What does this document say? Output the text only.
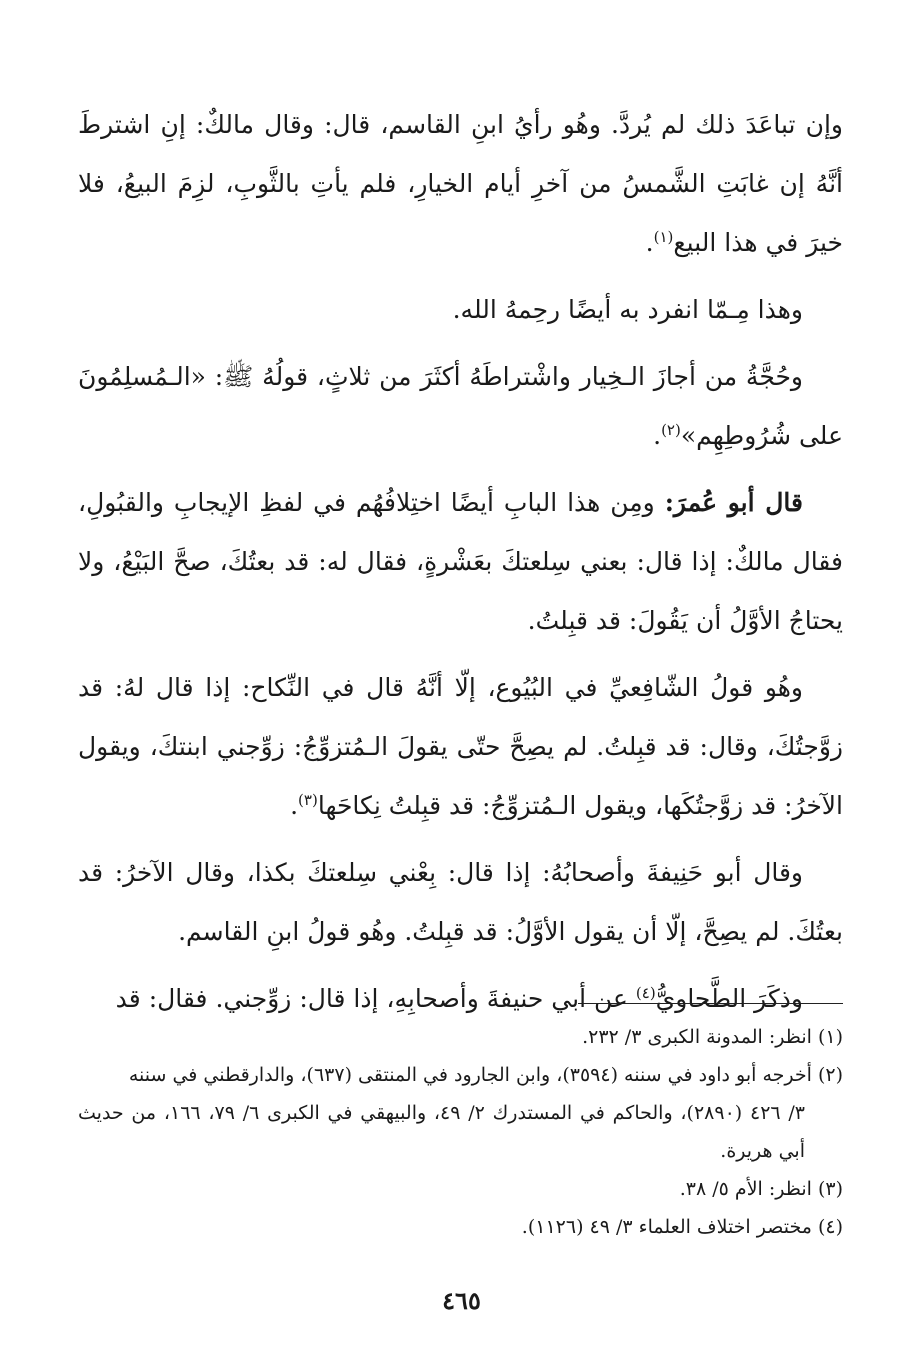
وإن تباعَدَ ذلك لم يُردَّ. وهُو رأيُ ابنِ القاسم، قال: وقال مالكٌ: إنِ اشترطَ أنَّهُ إن غابَتِ الشَّمسُ من آخرِ أيام الخيارِ، فلم يأتِ بالثَّوبِ، لزِمَ البيعُ، فلا خيرَ في هذا البيع$^{(١)}$.

وهذا مِـمّا انفرد به أيضًا رحِمهُ الله.

وحُجَّةُ من أجازَ الـخِيار واشْتراطَهُ أكثَرَ من ثلاثٍ، قولُهُ ﷺ: «الـمُسلِمُونَ على شُرُوطِهِم»$^{(٢)}$.

قال أبو عُمرَ: ومِن هذا البابِ أيضًا اختِلافُهُم في لفظِ الإيجابِ والقبُولِ، فقال مالكٌ: إذا قال: بعني سِلعتكَ بعَشْرةٍ، فقال له: قد بعتُكَ، صحَّ البَيْعُ، ولا يحتاجُ الأوَّلُ أن يَقُولَ: قد قبِلتُ.

وهُو قولُ الشّافِعيِّ في البُيُوع، إلّا أنَّهُ قال في النِّكاح: إذا قال لهُ: قد زوَّجتُكَ، وقال: قد قبِلتُ. لم يصِحَّ حتّى يقولَ الـمُتزوِّجُ: زوِّجني ابنتكَ، ويقول الآخرُ: قد زوَّجتُكَها، ويقول الـمُتزوِّجُ: قد قبِلتُ نِكاحَها$^{(٣)}$.

وقال أبو حَنِيفةَ وأصحابُهُ: إذا قال: بِعْني سِلعتكَ بكذا، وقال الآخرُ: قد بعتُكَ. لم يصِحَّ، إلّا أن يقول الأوَّلُ: قد قبِلتُ. وهُو قولُ ابنِ القاسم.

وذكَرَ الطَّحاويُّ$^{(٤)}$ عن أبي حنيفةَ وأصحابِهِ، إذا قال: زوِّجني. فقال: قد

(١) انظر: المدونة الكبرى ٣/ ٢٣٢.

(٢) أخرجه أبو داود في سننه (٣٥٩٤)، وابن الجارود في المنتقى (٦٣٧)، والدارقطني في سننه
٣/ ٤٢٦ (٢٨٩٠)، والحاكم في المستدرك ٢/ ٤٩، والبيهقي في الكبرى ٦/ ٧٩، ١٦٦، من حديث أبي هريرة.

(٣) انظر: الأم ٥/ ٣٨.

(٤) مختصر اختلاف العلماء ٣/ ٤٩ (١١٢٦).

٤٦٥
